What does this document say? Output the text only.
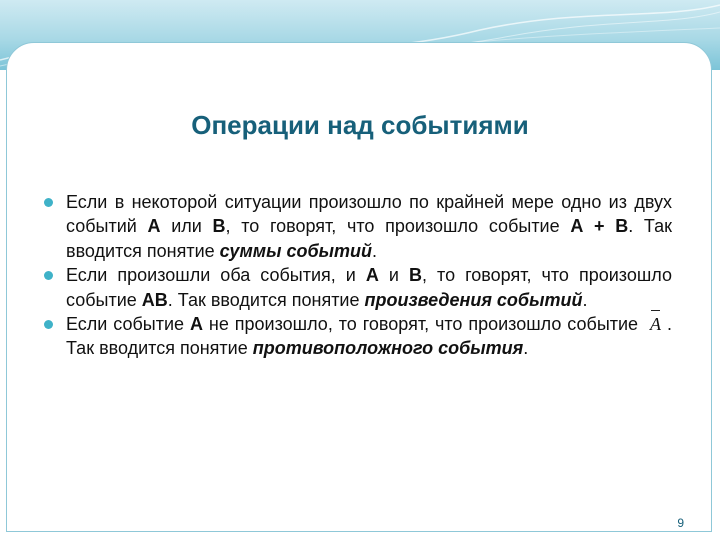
Операции над событиями
Если в некоторой ситуации произошло по крайней мере одно из двух событий А или В, то говорят, что произошло событие А + В. Так вводится понятие суммы событий.
Если произошли оба события, и А и В, то говорят, что произошло событие АВ. Так вводится понятие произведения событий.
Если событие А не произошло, то говорят, что произошло событие A . Так вводится понятие противоположного события.
9
